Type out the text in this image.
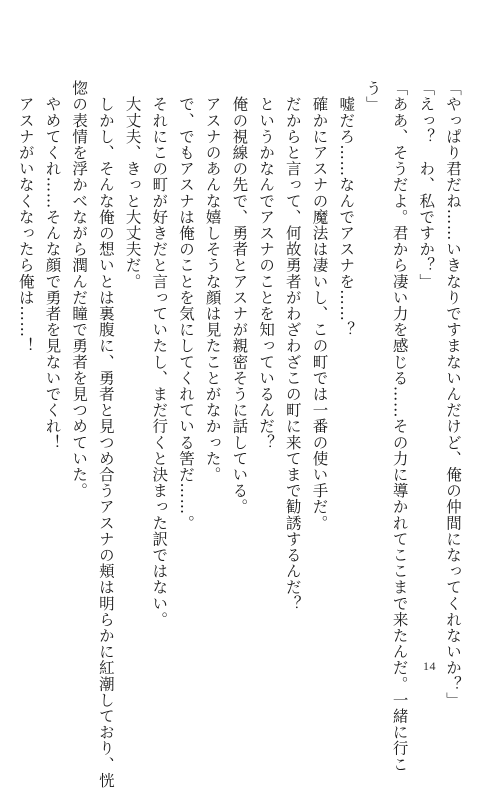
「やっぱり君だね……いきなりですまないんだけど、俺の仲間になってくれないか？」
「えっ？　わ、私ですか？」
「ああ、そうだよ。君から凄い力を感じる……その力に導かれてここまで来たんだ。一緒に行こ
う」
　嘘だろ……なんでアスナを……？
　確かにアスナの魔法は凄いし、この町では一番の使い手だ。
　だからと言って、何故勇者がわざわざこの町に来てまで勧誘するんだ？
　というかなんでアスナのことを知っているんだ？
　俺の視線の先で、勇者とアスナが親密そうに話している。
　アスナのあんな嬉しそうな顔は見たことがなかった。
　で、でもアスナは俺のことを気にしてくれている筈だ……。
　それにこの町が好きだと言っていたし、まだ行くと決まった訳ではない。
　大丈夫、きっと大丈夫だ。
　しかし、そんな俺の想いとは裏腹に、勇者と見つめ合うアスナの頬は明らかに紅潮しており、恍
惚の表情を浮かべながら潤んだ瞳で勇者を見つめていた。
　やめてくれ……そんな顔で勇者を見ないでくれ！
　アスナがいなくなったら俺は……！
14
